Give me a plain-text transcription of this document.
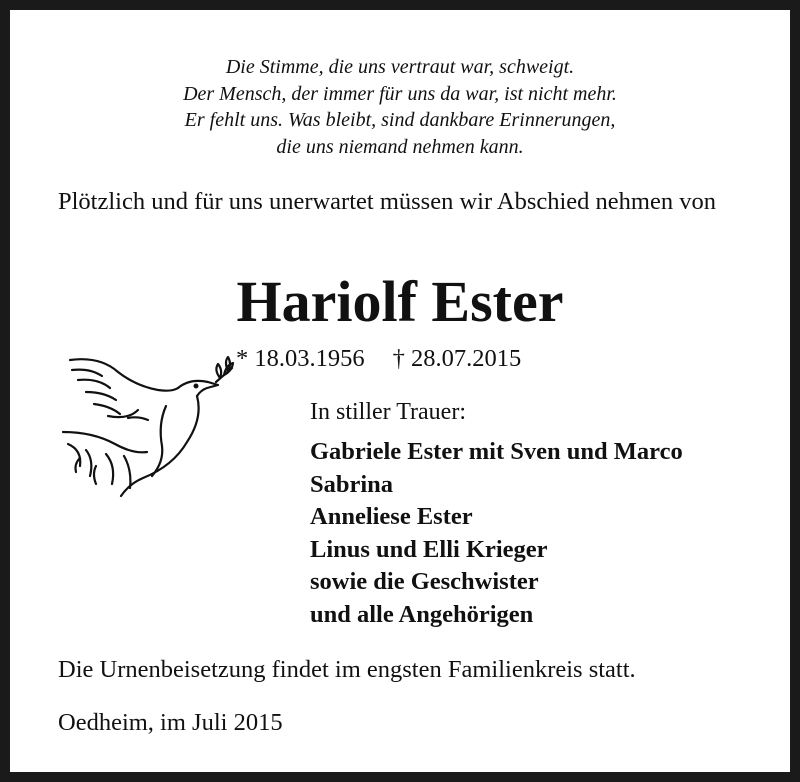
Die Stimme, die uns vertraut war, schweigt.
Der Mensch, der immer für uns da war, ist nicht mehr.
Er fehlt uns. Was bleibt, sind dankbare Erinnerungen,
die uns niemand nehmen kann.
Plötzlich und für uns unerwartet müssen wir Abschied nehmen von
Hariolf Ester
* 18.03.1956 † 28.07.2015
In stiller Trauer:
Gabriele Ester mit Sven und Marco
Sabrina
Anneliese Ester
Linus und Elli Krieger
sowie die Geschwister
und alle Angehörigen
Die Urnenbeisetzung findet im engsten Familienkreis statt.
Oedheim, im Juli 2015
